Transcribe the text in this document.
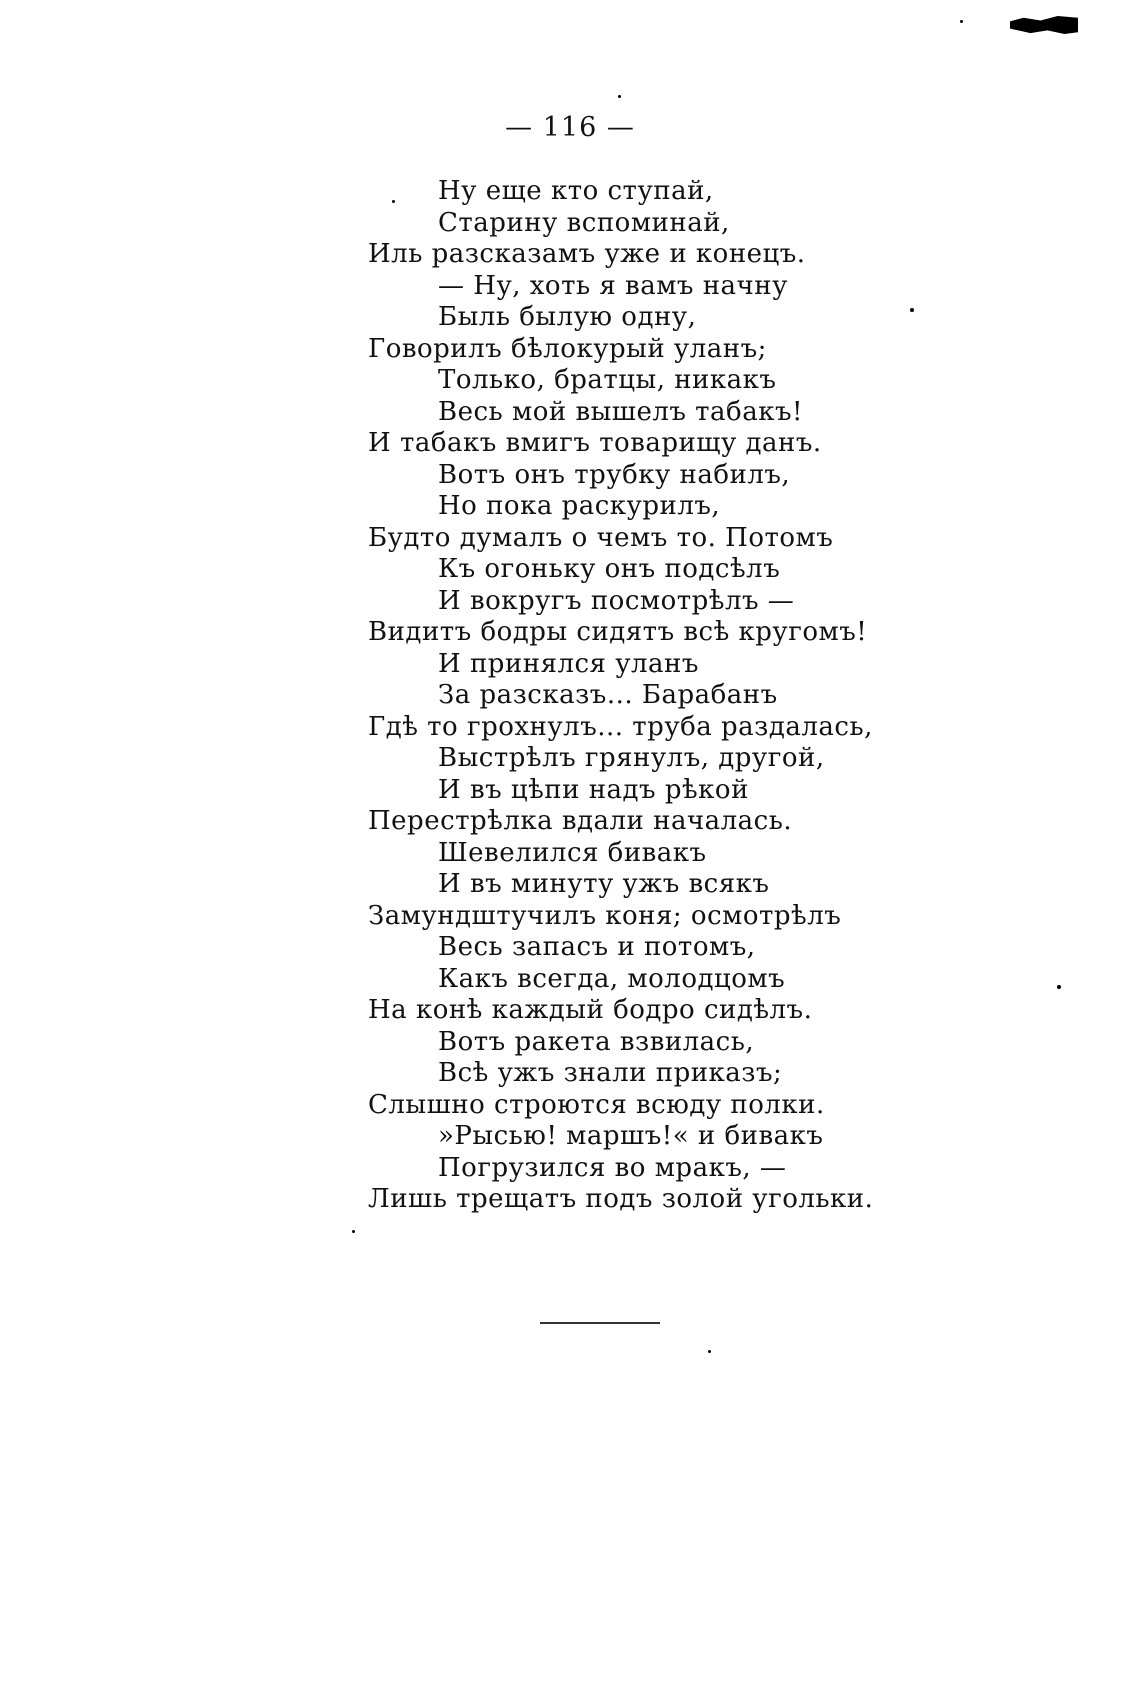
— 116 —
Ну еще кто ступай,
Старину вспоминай,
Иль разсказамъ уже и конецъ.
— Ну, хоть я вамъ начну
Быль былую одну,
Говорилъ бѣлокурый уланъ;
Только, братцы, никакъ
Весь мой вышелъ табакъ!
И табакъ вмигъ товарищу данъ.
Вотъ онъ трубку набилъ,
Но пока раскурилъ,
Будто думалъ о чемъ то. Потомъ
Къ огоньку онъ подсѣлъ
И вокругъ посмотрѣлъ —
Видитъ бодры сидятъ всѣ кругомъ!
И принялся уланъ
За разсказъ... Барабанъ
Гдѣ то грохнулъ... труба раздалась,
Выстрѣлъ грянулъ, другой,
И въ цѣпи надъ рѣкой
Перестрѣлка вдали началась.
Шевелился бивакъ
И въ минуту ужъ всякъ
Замундштучилъ коня; осмотрѣлъ
Весь запасъ и потомъ,
Какъ всегда, молодцомъ
На конѣ каждый бодро сидѣлъ.
Вотъ ракета взвилась,
Всѣ ужъ знали приказъ;
Слышно строются всюду полки.
»Рысью! маршъ!« и бивакъ
Погрузился во мракъ, —
Лишь трещатъ подъ золой угольки.
